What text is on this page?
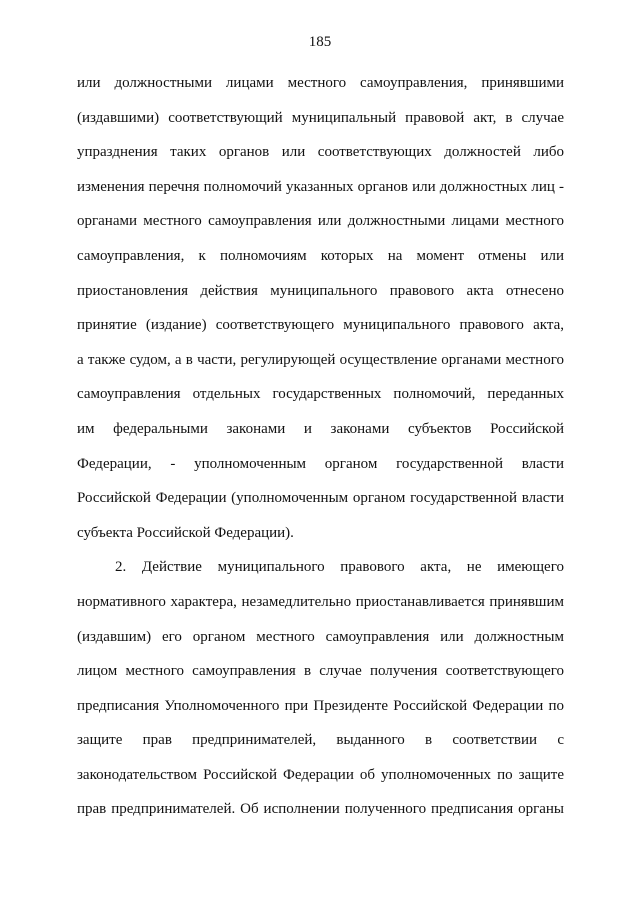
185
или должностными лицами местного самоуправления, принявшими
(издавшими) соответствующий муниципальный правовой акт, в случае
упразднения таких органов или соответствующих должностей либо
изменения перечня полномочий указанных органов или должностных лиц -
органами местного самоуправления или должностными лицами местного
самоуправления, к полномочиям которых на момент отмены или
приостановления действия муниципального правового акта отнесено
принятие (издание) соответствующего муниципального правового акта,
а также судом, а в части, регулирующей осуществление органами местного
самоуправления отдельных государственных полномочий, переданных
им федеральными законами и законами субъектов Российской
Федерации, - уполномоченным органом государственной власти
Российской Федерации (уполномоченным органом государственной власти
субъекта Российской Федерации).
2. Действие муниципального правового акта, не имеющего
нормативного характера, незамедлительно приостанавливается принявшим
(издавшим) его органом местного самоуправления или должностным
лицом местного самоуправления в случае получения соответствующего
предписания Уполномоченного при Президенте Российской Федерации по
защите прав предпринимателей, выданного в соответствии с
законодательством Российской Федерации об уполномоченных по защите
прав предпринимателей. Об исполнении полученного предписания органы
